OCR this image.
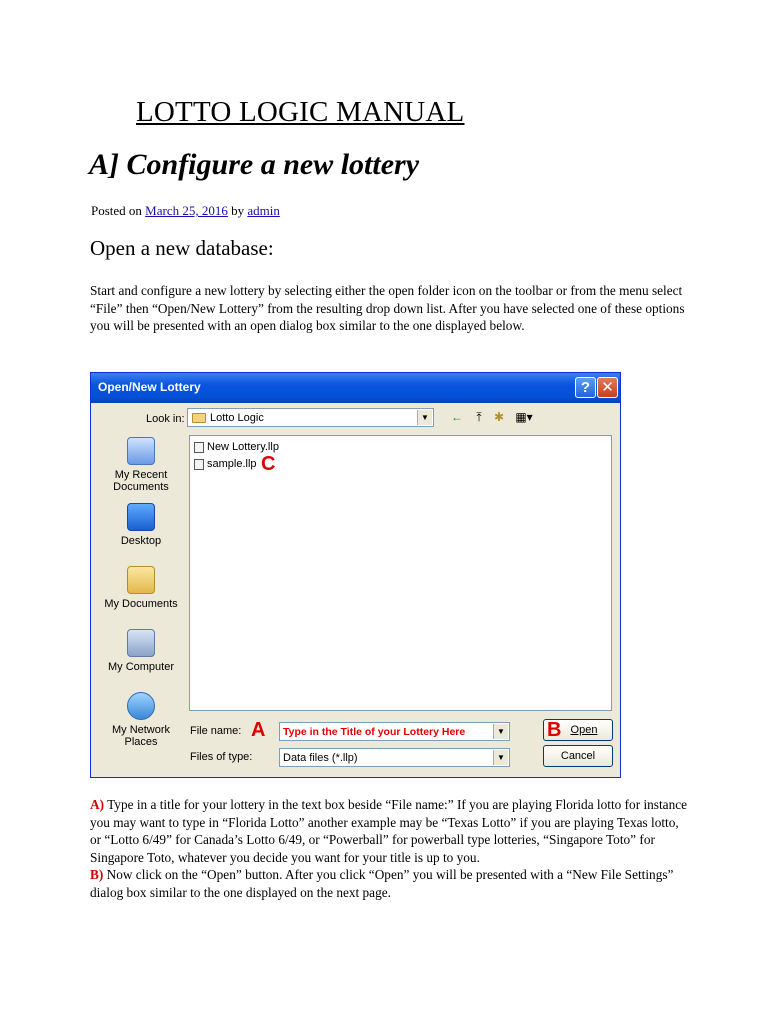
LOTTO LOGIC MANUAL
A] Configure a new lottery
Posted on March 25, 2016 by admin
Open a new database:

Start and configure a new lottery by selecting either the open folder icon on the toolbar or from the menu select “File” then “Open/New Lottery” from the resulting drop down list. After you have selected one of these options you will be presented with an open dialog box similar to the one displayed below.

Open/New Lottery	? ✕
Look in: Lotto Logic	▼ ←	⤒	✱ ▦▾
My Recent Documents
Desktop
My Documents
My Computer
My Network Places
New Lottery.llp
sample.llp C
File name: A Type in the Title of your Lottery Here	▼
Files of type:	Data files (*.llp)	▼
B Open
Cancel

A) Type in a title for your lottery in the text box beside “File name:” If you are playing Florida lotto for instance you may want to type in “Florida Lotto” another example may be “Texas Lotto” if you are playing Texas lotto, or “Lotto 6/49” for Canada’s Lotto 6/49, or “Powerball” for powerball type lotteries, “Singapore Toto” for Singapore Toto, whatever you decide you want for your title is up to you.
B) Now click on the “Open” button. After you click “Open” you will be presented with a “New File Settings” dialog box similar to the one displayed on the next page.
